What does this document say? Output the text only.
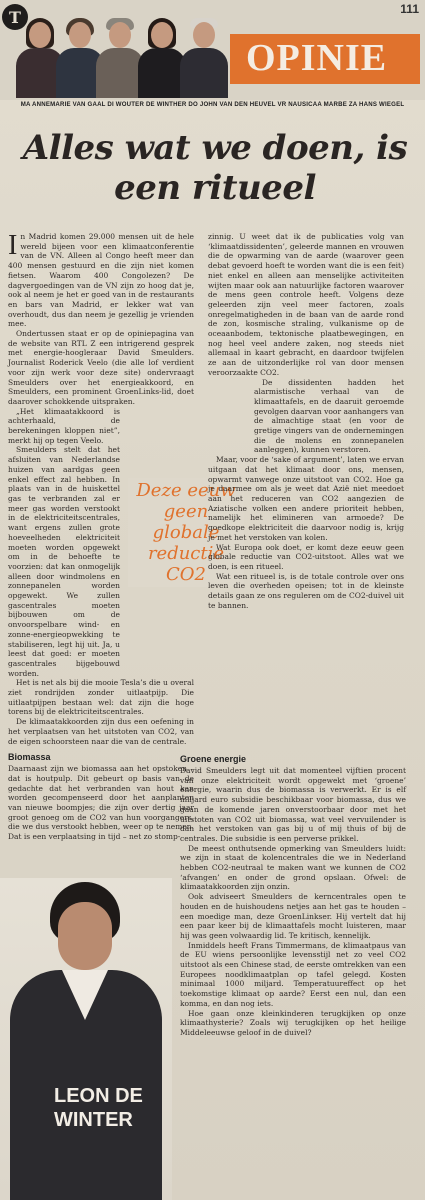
T	111
OPINIE
MA ANNEMARIE VAN GAAL DI WOUTER DE WINTHER DO JOHN VAN DEN HEUVEL VR NAUSICAA MARBE ZA HANS WIEGEL
Alles wat we doen, is een ritueel

In Madrid komen 29.000 mensen uit de hele wereld bijeen voor een klimaatconferentie van de VN. Alleen al Congo heeft meer dan 400 mensen gestuurd en die zijn niet komen fietsen. Waarom 400 Congolezen? De dagvergoedingen van de VN zijn zo hoog dat je, ook al neem je het er goed van in de restaurants en bars van Madrid, er lekker wat van overhoudt, dus dan neem je gezellig je vrienden mee.

Ondertussen staat er op de opiniepagina van de website van RTL Z een intrigerend gesprek met energie-hoogleraar David Smeulders. Journalist Roderick Veelo (die alle lof verdient voor zijn werk voor deze site) ondervraagt Smeulders over het energieakkoord, en Smeulders, een prominent GroenLinks-lid, doet daarover schokkende uitspraken.

„Het klimaatakkoord is achterhaald, de berekeningen kloppen niet”, merkt hij op tegen Veelo.

Smeulders stelt dat het afsluiten van Nederlandse huizen van aardgas geen enkel effect zal hebben. In plaats van in de huiskettel gas te verbranden zal er meer gas worden verstookt in de elektriciteitscentrales, want ergens zullen grote hoeveelheden elektriciteit moeten worden opgewekt om in de behoefte te voorzien: dat kan onmogelijk alleen door windmolens en zonnepanelen worden opgewekt. We zullen gascentrales moeten bijbouwen om de onvoorspelbare wind- en zonne-energieopwekking te stabiliseren, legt hij uit. Ja, u leest dat goed: er moeten gascentrales bijgebouwd worden.

Het is net als bij die mooie Tesla’s die u overal ziet rondrijden zonder uitlaatpijp. Die uitlaatpijpen bestaan wel: dat zijn die hoge torens bij de elektriciteitscentrales.

De klimaatakkoorden zijn dus een oefening in het verplaatsen van het uitstoten van CO2, van de eigen schoorsteen naar die van de centrale.

Biomassa

Daarnaast zijn we biomassa aan het opstoken – dat is houtpulp. Dit gebeurt op basis van de gedachte dat het verbranden van hout kan worden gecompenseerd door het aanplanten van nieuwe boompjes; die zijn over dertig jaar groot genoeg om de CO2 van hun voorgangers, die we dus verstookt hebben, weer op te nemen. Dat is een verplaatsing in tijd – net zo stomp-

Deze eeuw geen globale reductie CO2

zinnig. U weet dat ik de publicaties volg van ‘klimaatdissidenten’, geleerde mannen en vrouwen die de opwarming van de aarde (waarover geen debat gevoerd hoeft te worden want die is een feit) niet enkel en alleen aan menselijke activiteiten wijten maar ook aan natuurlijke factoren waarover de mens geen controle heeft. Volgens deze geleerden zijn veel meer factoren, zoals onregelmatigheden in de baan van de aarde rond de zon, kosmische straling, vulkanisme op de oceaanbodem, tektonische plaatbewegingen, en nog heel veel andere zaken, nog steeds niet allemaal in kaart gebracht, en daardoor twijfelen ze aan de uitzonderlijke rol van door mensen veroorzaakte CO2.

De dissidenten hadden het alarmistische verhaal van de klimaattafels, en de daaruit geroemde gevolgen daarvan voor aanhangers van de almachtige staat (en voor de gretige vingers van de ondernemingen die de molens en zonnepanelen aanleggen), kunnen verstoren.

Maar, voor de ‘sake of argument’, laten we ervan uitgaan dat het klimaat door ons, mensen, opwarmt vanwege onze uitstoot van CO2. Hoe ga je daarmee om als je weet dat Azië niet meedoet aan het reduceren van CO2 aangezien de Aziatische volken een andere prioriteit hebben, namelijk het elimineren van armoede? De goedkope elektriciteit die daarvoor nodig is, krijg je met het verstoken van kolen.

Wat Europa ook doet, er komt deze eeuw geen globale reductie van CO2-uitstoot. Alles wat we doen, is een ritueel.

Wat een ritueel is, is de totale controle over ons leven die overheden opeisen; tot in de kleinste details gaan ze ons reguleren om de CO2-duivel uit te bannen.

Groene energie

David Smeulders legt uit dat momenteel vijftien procent van onze elektriciteit wordt opgewekt met ‘groene’ energie, waarin dus de biomassa is verwerkt. Er is elf miljard euro subsidie beschikbaar voor biomassa, dus we gaan de komende jaren onverstoorbaar door met het uitstoten van CO2 uit biomassa, wat veel vervuilender is dan het verstoken van gas bij u of mij thuis of bij de centrales. Die subsidie is een perverse prikkel.

De meest onthutsende opmerking van Smeulders luidt: we zijn in staat de kolencentrales die we in Nederland hebben CO2-neutraal te maken want we kunnen de CO2 ‘afvangen’ en onder de grond opslaan. Ofwel: de klimaatakkoorden zijn onzin.

Ook adviseert Smeulders de kerncentrales open te houden en de huishoudens netjes aan het gas te houden – een moedige man, deze GroenLinkser. Hij vertelt dat hij een paar keer bij de klimaattafels mocht luisteren, maar hij was geen volwaardig lid. Te kritisch, kennelijk.

Inmiddels heeft Frans Timmermans, de klimaatpaus van de EU wiens persoonlijke levensstijl net zo veel CO2 uitstoot als een Chinese stad, de eerste omtrekken van een Europees noodklimaatplan op tafel gelegd. Kosten minimaal 1000 miljard. Temperatuureffect op het toekomstige klimaat op aarde? Eerst een nul, dan een komma, en dan nog iets.

Hoe gaan onze kleinkinderen terugkijken op onze klimaathysterie? Zoals wij terugkijken op het heilige Middeleeuwse geloof in de duivel?

LEON DE WINTER
